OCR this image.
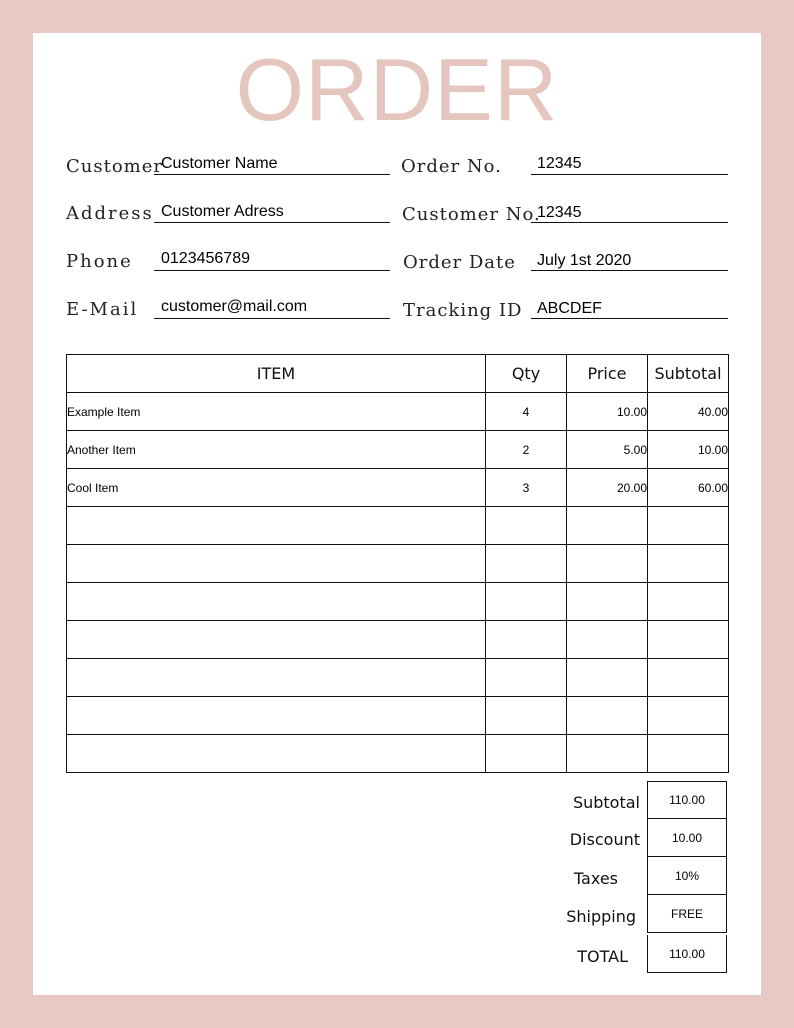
ORDER
Customer
Customer Name
Address Customer Adress
Phone 0123456789
E-Mail customer@mail.com
Order No. 12345
Customer No.
12345
Order Date July 1st 2020
Tracking ID ABCDEF
ITEM	Qty	Price	Subtotal
Example Item	4	10.00	40.00
Another Item	2	5.00	10.00
Cool Item	3	20.00	60.00

Subtotal	110.00
Discount	10.00
Taxes	10%
Shipping	FREE
TOTAL	110.00
